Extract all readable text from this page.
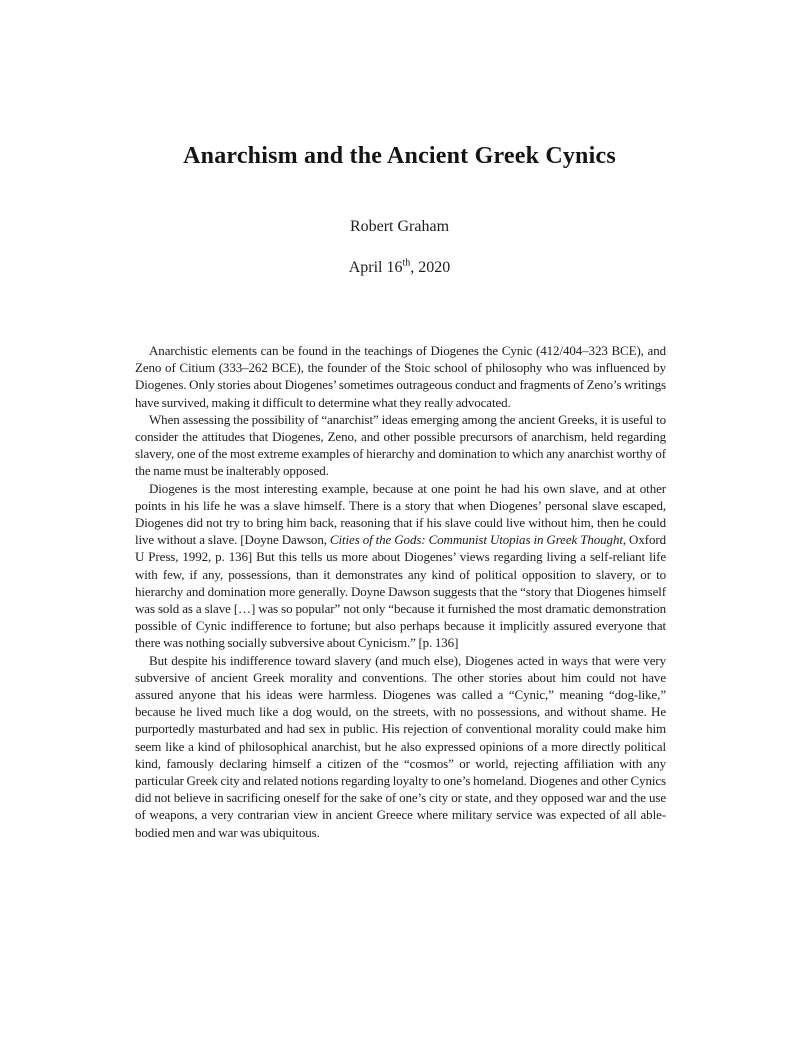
Anarchism and the Ancient Greek Cynics
Robert Graham
April 16th, 2020

Anarchistic elements can be found in the teachings of Diogenes the Cynic (412/404–323 BCE), and Zeno of Citium (333–262 BCE), the founder of the Stoic school of philosophy who was influenced by Diogenes. Only stories about Diogenes’ sometimes outrageous conduct and fragments of Zeno’s writings have survived, making it difficult to determine what they really advocated.

When assessing the possibility of “anarchist” ideas emerging among the ancient Greeks, it is useful to consider the attitudes that Diogenes, Zeno, and other possible precursors of anarchism, held regarding slavery, one of the most extreme examples of hierarchy and domination to which any anarchist worthy of the name must be inalterably opposed.

Diogenes is the most interesting example, because at one point he had his own slave, and at other points in his life he was a slave himself. There is a story that when Diogenes’ personal slave escaped, Diogenes did not try to bring him back, reasoning that if his slave could live without him, then he could live without a slave. [Doyne Dawson, Cities of the Gods: Communist Utopias in Greek Thought, Oxford U Press, 1992, p. 136] But this tells us more about Diogenes’ views regarding living a self-reliant life with few, if any, possessions, than it demonstrates any kind of political opposition to slavery, or to hierarchy and domination more generally. Doyne Dawson suggests that the “story that Diogenes himself was sold as a slave […] was so popular” not only “because it furnished the most dramatic demonstration possible of Cynic indifference to fortune; but also perhaps because it implicitly assured everyone that there was nothing socially subversive about Cynicism.” [p. 136]

But despite his indifference toward slavery (and much else), Diogenes acted in ways that were very subversive of ancient Greek morality and conventions. The other stories about him could not have assured anyone that his ideas were harmless. Diogenes was called a “Cynic,” meaning “dog-like,” because he lived much like a dog would, on the streets, with no possessions, and without shame. He purportedly masturbated and had sex in public. His rejection of conventional morality could make him seem like a kind of philosophical anarchist, but he also expressed opinions of a more directly political kind, famously declaring himself a citizen of the “cosmos” or world, rejecting affiliation with any particular Greek city and related notions regarding loyalty to one’s homeland. Diogenes and other Cynics did not believe in sacrificing oneself for the sake of one’s city or state, and they opposed war and the use of weapons, a very contrarian view in ancient Greece where military service was expected of all able-bodied men and war was ubiquitous.
